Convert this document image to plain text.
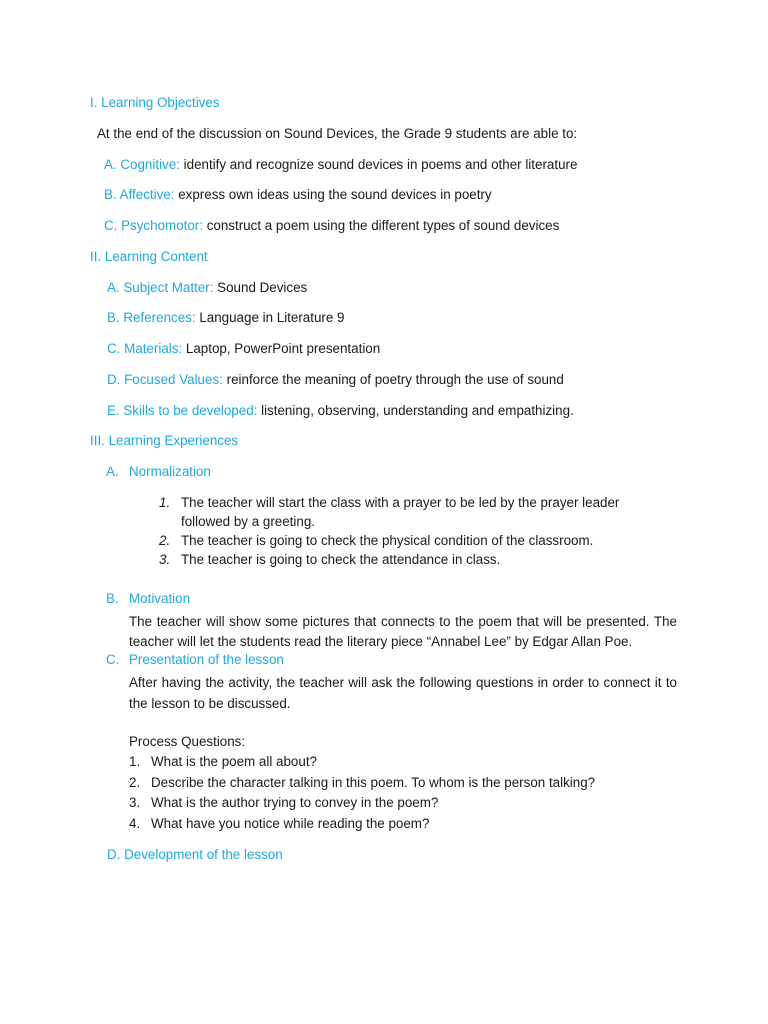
I. Learning Objectives
At the end of the discussion on Sound Devices, the Grade 9 students are able to:
A. Cognitive: identify and recognize sound devices in poems and other literature
B. Affective: express own ideas using the sound devices in poetry
C. Psychomotor: construct a poem using the different types of sound devices
II. Learning Content
A. Subject Matter: Sound Devices
B. References: Language in Literature 9
C. Materials: Laptop, PowerPoint presentation
D. Focused Values: reinforce the meaning of poetry through the use of sound
E. Skills to be developed: listening, observing, understanding and empathizing.
III. Learning Experiences
A. Normalization
1. The teacher will start the class with a prayer to be led by the prayer leader
followed by a greeting.
2. The teacher is going to check the physical condition of the classroom.
3. The teacher is going to check the attendance in class.
B. Motivation
The teacher will show some pictures that connects to the poem that will be presented. The teacher will let the students read the literary piece “Annabel Lee” by Edgar Allan Poe.
C. Presentation of the lesson
After having the activity, the teacher will ask the following questions in order to connect it to the lesson to be discussed.
Process Questions:
1. What is the poem all about?
2. Describe the character talking in this poem. To whom is the person talking?
3. What is the author trying to convey in the poem?
4. What have you notice while reading the poem?
D. Development of the lesson
